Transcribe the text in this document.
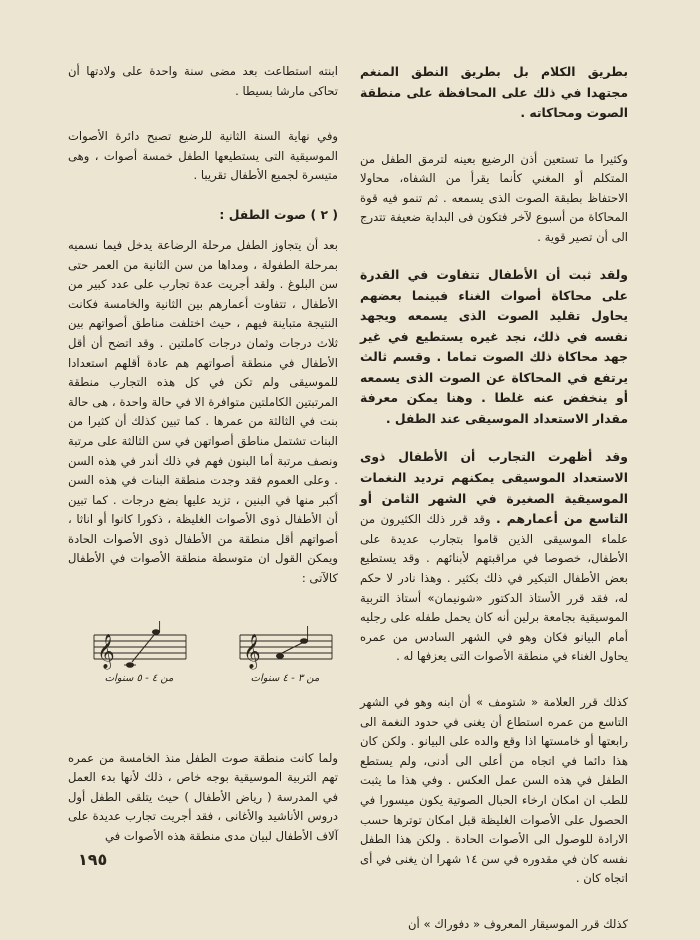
بطريق الكلام بل بطريق النطق المنغم مجتهدا في ذلك على المحافظة على منطقة الصوت ومحاكاته .

وكثيرا ما تستعين أذن الرضيع بعينه لترمق الطفل من المتكلم أو المغني كأنما يقرأ من الشفاه، محاولا الاحتفاظ بطبقة الصوت الذى يسمعه . ثم تنمو فيه قوة المحاكاة من أسبوع لآخر فتكون فى البداية ضعيفة تتدرج الى أن تصير قوية .

ولقد ثبت أن الأطفال تتفاوت في القدرة على محاكاة أصوات الغناء فبينما بعضهم يحاول تقليد الصوت الذى يسمعه ويجهد نفسه في ذلك، نجد غيره يستطيع في غير جهد محاكاة ذلك الصوت تماما . وقسم ثالث يرتفع في المحاكاة عن الصوت الذى يسمعه أو ينخفض عنه غلطا . وهنا يمكن معرفة مقدار الاستعداد الموسيقى عند الطفل .

وقد أظهرت التجارب أن الأطفال ذوى الاستعداد الموسيقى يمكنهم ترديد النغمات الموسيقية الصغيرة في الشهر الثامن أو التاسع من أعمارهم . وقد قرر ذلك الكثيرون من علماء الموسيقى الذين قاموا بتجارب عديدة على الأطفال، خصوصا في مراقبتهم لأبنائهم . وقد يستطيع بعض الأطفال التبكير في ذلك بكثير . وهذا نادر لا حكم له، فقد قرر الأستاذ الدكتور «شونيمان» أستاذ التربية الموسيقية بجامعة برلين أنه كان يحمل طفله على رجليه أمام البيانو فكان وهو في الشهر السادس من عمره يحاول الغناء في منطقة الأصوات التى يعزفها له .

كذلك قرر العلامة « شتومف » أن ابنه وهو في الشهر التاسع من عمره استطاع أن يغنى في حدود النغمة الى رابعتها أو خامستها اذا وقع والده على البيانو . ولكن كان هذا دائما في اتجاه من أعلى الى أدنى، ولم يستطع الطفل في هذه السن عمل العكس . وفي هذا ما يثبت للطب ان امكان ارخاء الحبال الصوتية يكون ميسورا في الحصول على الأصوات الغليظة قبل امكان توترها حسب الارادة للوصول الى الأصوات الحادة . ولكن هذا الطفل نفسه كان في مقدوره في سن ١٤ شهرا ان يغنى في أى اتجاه كان .

كذلك قرر الموسيقار المعروف « دفوراك » أن

ابنته استطاعت بعد مضى سنة واحدة على ولادتها أن تحاكى مارشا بسيطا .

وفي نهاية السنة الثانية للرضيع تصبح دائرة الأصوات الموسيقية التى يستطيعها الطفل خمسة أصوات ، وهى متيسرة لجميع الأطفال تقريبا .

( ٢ ) صوت الطفل :

بعد أن يتجاوز الطفل مرحلة الرضاعة يدخل فيما نسميه بمرحلة الطفولة ، ومداها من سن الثانية من العمر حتى سن البلوغ . ولقد أجريت عدة تجارب على عدد كبير من الأطفال ، تتفاوت أعمارهم بين الثانية والخامسة فكانت النتيجة متباينة فيهم ، حيث اختلفت مناطق أصواتهم بين ثلاث درجات وثمان درجات كاملتين . وقد اتضح أن أقل الأطفال في منطقة أصواتهم هم عادة أقلهم استعدادا للموسيقى ولم تكن في كل هذه التجارب منطقة المرتبتين الكاملتين متوافرة الا في حالة واحدة ، هى حالة بنت في الثالثة من عمرها . كما تبين كذلك أن كثيرا من البنات تشتمل مناطق أصواتهن في سن الثالثة على مرتبة ونصف مرتبة أما البنون فهم في ذلك أندر في هذه السن . وعلى العموم فقد وجدت منطقة البنات في هذه السن أكبر منها في البنين ، تزيد عليها بضع درجات . كما تبين أن الأطفال ذوى الأصوات الغليظة ، ذكورا كانوا أو اناثا ، أصواتهم أقل منطقة من الأطفال ذوى الأصوات الحادة ويمكن القول ان متوسطة منطقة الأصوات في الأطفال كالآتى :

𝄞
من ٤ - ٥ سنوات
𝄞
من ٣ - ٤ سنوات

ولما كانت منطقة صوت الطفل منذ الخامسة من عمره تهم التربية الموسيقية بوجه خاص ، ذلك لأنها بدء العمل في المدرسة ( رياض الأطفال ) حيث يتلقى الطفل أول دروس الأناشيد والأغانى ، فقد أجريت تجارب عديدة على آلاف الأطفال لبيان مدى منطقة هذه الأصوات في

١٩٥
